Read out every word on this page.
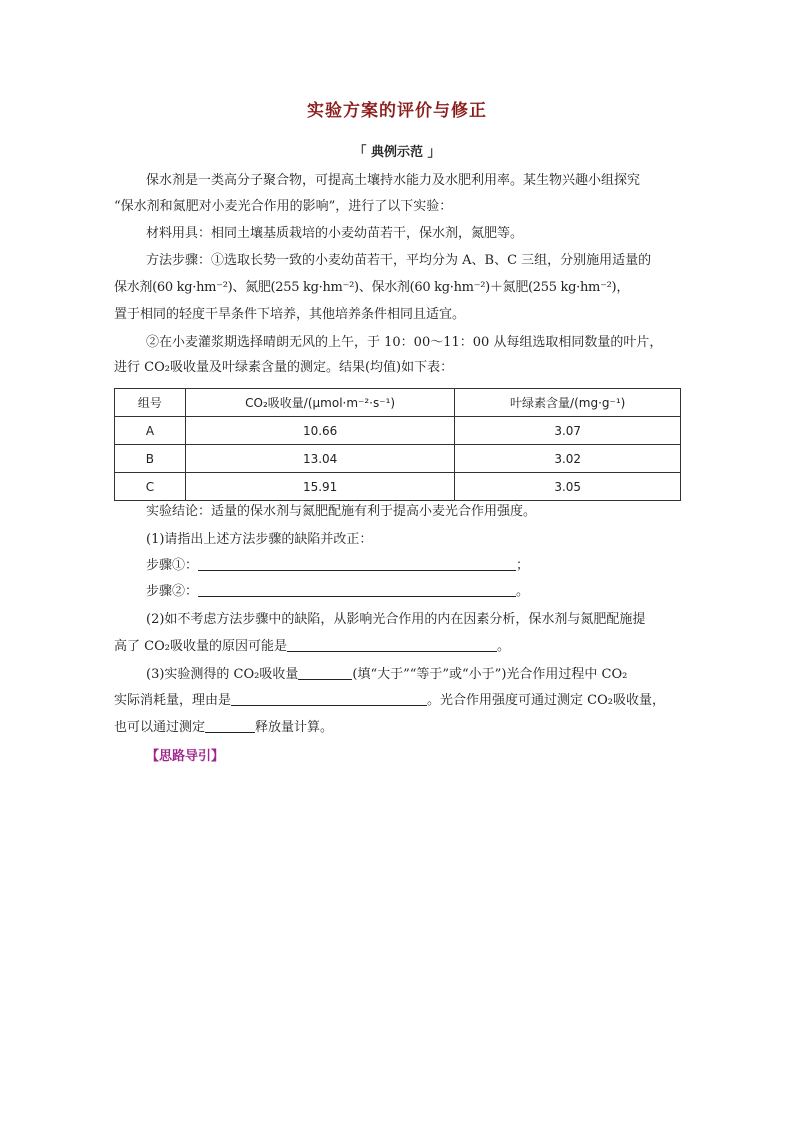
实验方案的评价与修正
「 典例示范 」
保水剂是一类高分子聚合物，可提高土壤持水能力及水肥利用率。某生物兴趣小组探究
“保水剂和氮肥对小麦光合作用的影响”，进行了以下实验：
材料用具：相同土壤基质栽培的小麦幼苗若干，保水剂，氮肥等。
方法步骤：①选取长势一致的小麦幼苗若干，平均分为 A、B、C 三组，分别施用适量的
保水剂(60 kg·hm⁻²)、氮肥(255 kg·hm⁻²)、保水剂(60 kg·hm⁻²)＋氮肥(255 kg·hm⁻²)，
置于相同的轻度干旱条件下培养，其他培养条件相同且适宜。
②在小麦灌浆期选择晴朗无风的上午，于 10：00～11：00 从每组选取相同数量的叶片，
进行 CO₂吸收量及叶绿素含量的测定。结果(均值)如下表：
组号	CO₂吸收量/(μmol·m⁻²·s⁻¹)	叶绿素含量/(mg·g⁻¹)
A	10.66	3.07
B	13.04	3.02
C	15.91	3.05
实验结论：适量的保水剂与氮肥配施有利于提高小麦光合作用强度。
(1)请指出上述方法步骤的缺陷并改正：
步骤①：	；
步骤②：	。
(2)如不考虑方法步骤中的缺陷，从影响光合作用的内在因素分析，保水剂与氮肥配施提
高了 CO₂吸收量的原因可能是	。
(3)实验测得的 CO₂吸收量	(填“大于”“等于”或“小于”)光合作用过程中 CO₂
实际消耗量，理由是	。光合作用强度可通过测定 CO₂吸收量，
也可以通过测定	释放量计算。
【思路导引】
